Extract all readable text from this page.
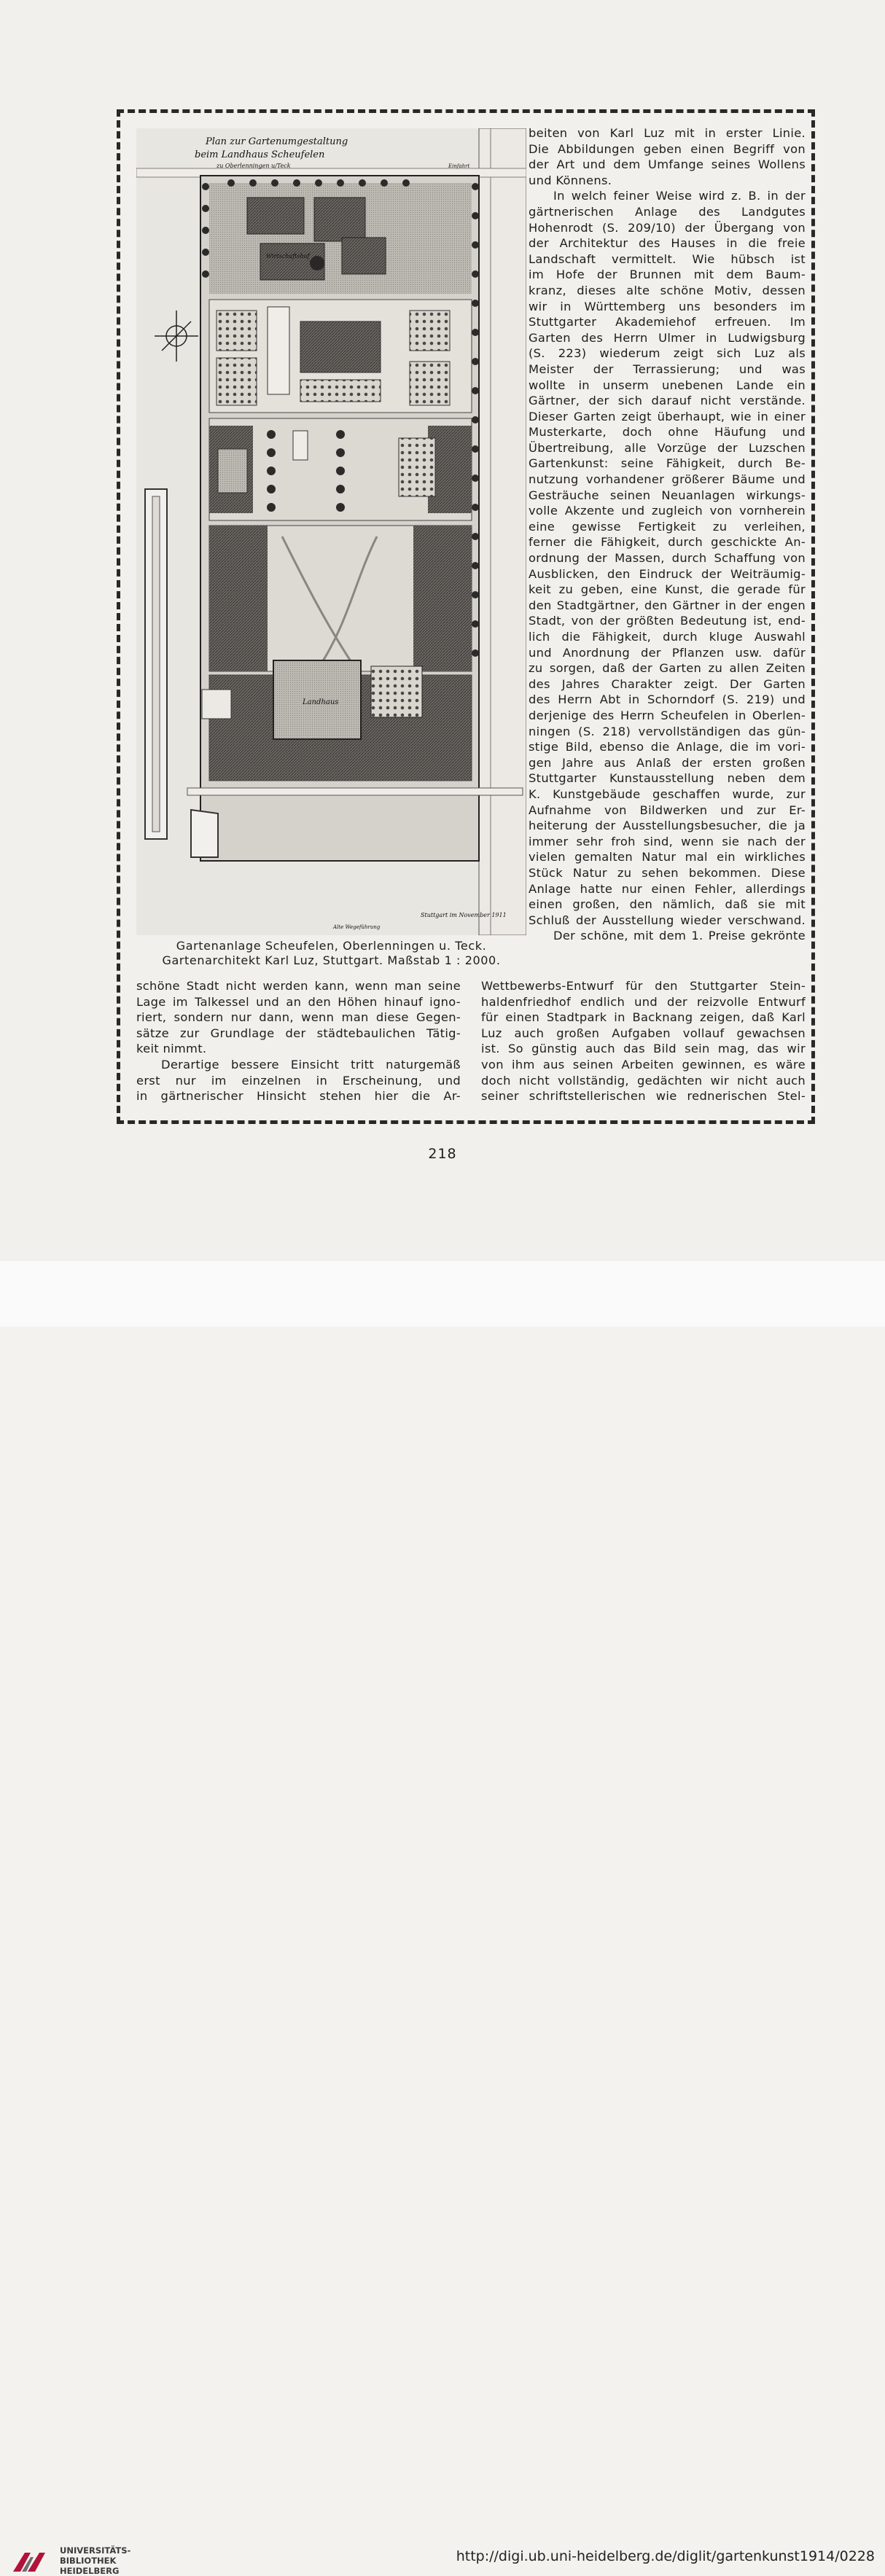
Wirtschaftshof
Landhaus
Plan zur Gartenumgestaltung
beim Landhaus Scheufelen
zu Oberlenningen u/Teck	Einfahrt
Stuttgart im November 1911
Alte Wegeführung
Gartenanlage Scheufelen, Oberlenningen u. Teck.
Gartenarchitekt Karl Luz, Stuttgart. Maßstab 1 : 2000.
beiten von Karl Luz mit in erster Linie.
Die Abbildungen geben einen Begriff von
der Art und dem Umfange seines Wollens
und Könnens.
In welch feiner Weise wird z. B. in der
gärtnerischen Anlage des Landgutes
Hohenrodt (S. 209/10) der Übergang von
der Architektur des Hauses in die freie
Landschaft vermittelt. Wie hübsch ist
im Hofe der Brunnen mit dem Baum-
kranz, dieses alte schöne Motiv, dessen
wir in Württemberg uns besonders im
Stuttgarter Akademiehof erfreuen. Im
Garten des Herrn Ulmer in Ludwigsburg
(S. 223) wiederum zeigt sich Luz als
Meister der Terrassierung; und was
wollte in unserm unebenen Lande ein
Gärtner, der sich darauf nicht verstände.
Dieser Garten zeigt überhaupt, wie in einer
Musterkarte, doch ohne Häufung und
Übertreibung, alle Vorzüge der Luzschen
Gartenkunst: seine Fähigkeit, durch Be-
nutzung vorhandener größerer Bäume und
Gesträuche seinen Neuanlagen wirkungs-
volle Akzente und zugleich von vornherein
eine gewisse Fertigkeit zu verleihen,
ferner die Fähigkeit, durch geschickte An-
ordnung der Massen, durch Schaffung von
Ausblicken, den Eindruck der Weiträumig-
keit zu geben, eine Kunst, die gerade für
den Stadtgärtner, den Gärtner in der engen
Stadt, von der größten Bedeutung ist, end-
lich die Fähigkeit, durch kluge Auswahl
und Anordnung der Pflanzen usw. dafür
zu sorgen, daß der Garten zu allen Zeiten
des Jahres Charakter zeigt. Der Garten
des Herrn Abt in Schorndorf (S. 219) und
derjenige des Herrn Scheufelen in Oberlen-
ningen (S. 218) vervollständigen das gün-
stige Bild, ebenso die Anlage, die im vori-
gen Jahre aus Anlaß der ersten großen
Stuttgarter Kunstausstellung neben dem
K. Kunstgebäude geschaffen wurde, zur
Aufnahme von Bildwerken und zur Er-
heiterung der Ausstellungsbesucher, die ja
immer sehr froh sind, wenn sie nach der
vielen gemalten Natur mal ein wirkliches
Stück Natur zu sehen bekommen. Diese
Anlage hatte nur einen Fehler, allerdings
einen großen, den nämlich, daß sie mit
Schluß der Ausstellung wieder verschwand.
Der schöne, mit dem 1. Preise gekrönte
schöne Stadt nicht werden kann, wenn man seine
Lage im Talkessel und an den Höhen hinauf igno-
riert, sondern nur dann, wenn man diese Gegen-
sätze zur Grundlage der städtebaulichen Tätig-
keit nimmt.
Derartige bessere Einsicht tritt naturgemäß
erst nur im einzelnen in Erscheinung, und
in gärtnerischer Hinsicht stehen hier die Ar-
Wettbewerbs-Entwurf für den Stuttgarter Stein-
haldenfriedhof endlich und der reizvolle Entwurf
für einen Stadtpark in Backnang zeigen, daß Karl
Luz auch großen Aufgaben vollauf gewachsen
ist. So günstig auch das Bild sein mag, das wir
von ihm aus seinen Arbeiten gewinnen, es wäre
doch nicht vollständig, gedächten wir nicht auch
seiner schriftstellerischen wie rednerischen Stel-
218
UNIVERSITÄTS-
BIBLIOTHEK
HEIDELBERG
http://digi.ub.uni-heidelberg.de/diglit/gartenkunst1914/0228
